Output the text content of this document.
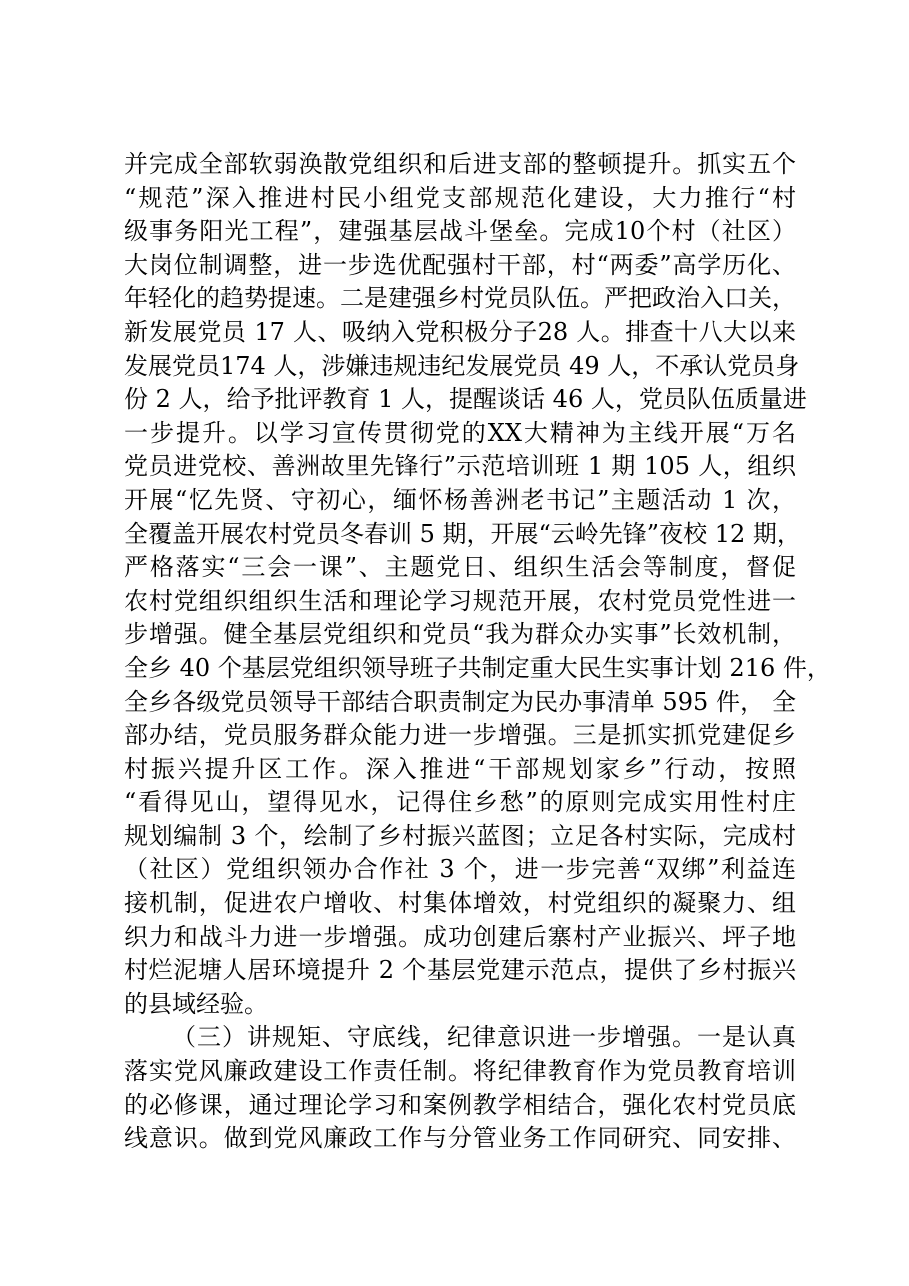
并完成全部软弱涣散党组织和后进支部的整顿提升。抓实五个
“规范”深入推进村民小组党支部规范化建设，大力推行“村
级事务阳光工程”，建强基层战斗堡垒。完成10个村（社区）
大岗位制调整，进一步选优配强村干部，村“两委”高学历化、
年轻化的趋势提速。二是建强乡村党员队伍。严把政治入口关，
新发展党员 17 人、吸纳入党积极分子28 人。排查十八大以来
发展党员174 人，涉嫌违规违纪发展党员 49 人，不承认党员身
份 2 人，给予批评教育 1 人，提醒谈话 46 人，党员队伍质量进
一步提升。以学习宣传贯彻党的XX大精神为主线开展“万名
党员进党校、善洲故里先锋行”示范培训班 1 期 105 人，组织
开展“忆先贤、守初心，缅怀杨善洲老书记”主题活动 1 次，
全覆盖开展农村党员冬春训 5 期，开展“云岭先锋”夜校 12 期，
严格落实“三会一课”、主题党日、组织生活会等制度，督促
农村党组织组织生活和理论学习规范开展，农村党员党性进一
步增强。健全基层党组织和党员“我为群众办实事”长效机制，
全乡 40 个基层党组织领导班子共制定重大民生实事计划 216 件，
全乡各级党员领导干部结合职责制定为民办事清单 595 件， 全
部办结，党员服务群众能力进一步增强。三是抓实抓党建促乡
村振兴提升区工作。深入推进“干部规划家乡”行动，按照
“看得见山，望得见水，记得住乡愁”的原则完成实用性村庄
规划编制 3 个，绘制了乡村振兴蓝图；立足各村实际，完成村
（社区）党组织领办合作社 3 个，进一步完善“双绑”利益连
接机制，促进农户增收、村集体增效，村党组织的凝聚力、组
织力和战斗力进一步增强。成功创建后寨村产业振兴、坪子地
村烂泥塘人居环境提升 2 个基层党建示范点，提供了乡村振兴
的县域经验。
（三）讲规矩、守底线，纪律意识进一步增强。一是认真
落实党风廉政建设工作责任制。将纪律教育作为党员教育培训
的必修课，通过理论学习和案例教学相结合，强化农村党员底
线意识。做到党风廉政工作与分管业务工作同研究、同安排、
